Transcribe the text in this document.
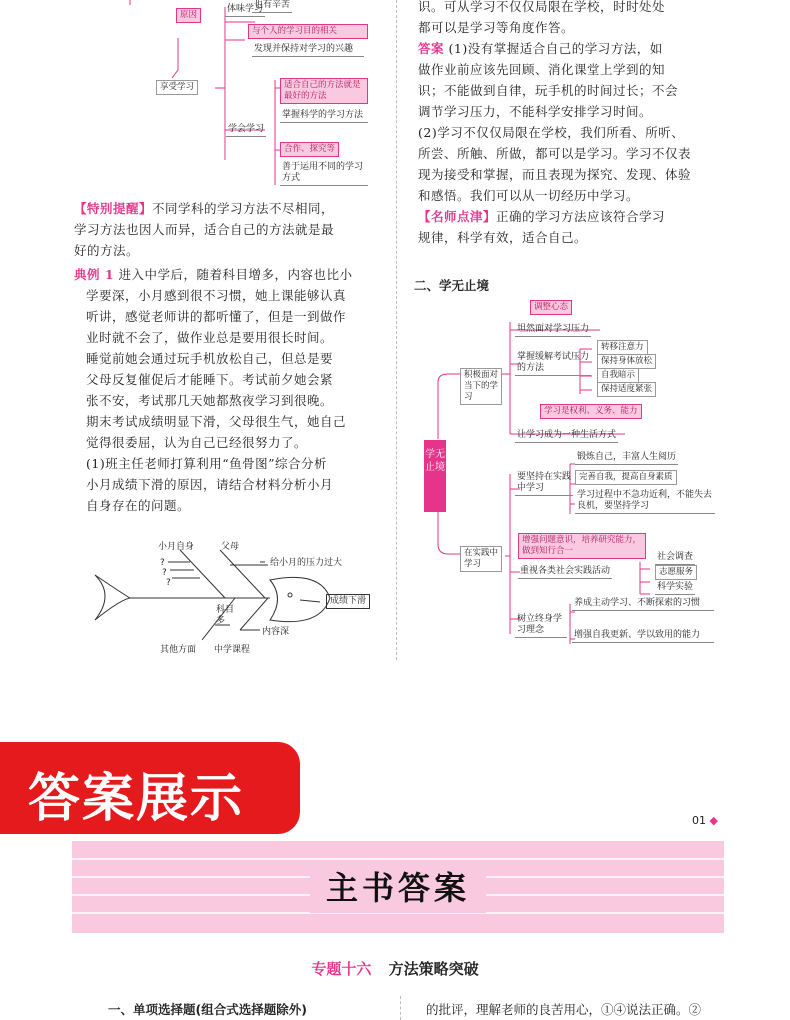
也有辛苦
原因
体味学习
与个人的学习目的相关
发现并保持对学习的兴趣
享受学习	适合自己的方法就是最好的方法
掌握科学的学习方法
学会学习
合作、探究等
善于运用不同的学习方式
【特别提醒】不同学科的学习方法不尽相同，
学习方法也因人而异，适合自己的方法就是最
好的方法。
典例 1 进入中学后，随着科目增多，内容也比小
学要深，小月感到很不习惯，她上课能够认真
听讲，感觉老师讲的都听懂了，但是一到做作
业时就不会了，做作业总是要用很长时间。
睡觉前她会通过玩手机放松自己，但总是要
父母反复催促后才能睡下。考试前夕她会紧
张不安，考试那几天她都熬夜学习到很晚。
期末考试成绩明显下滑，父母很生气，她自己
觉得很委屈，认为自己已经很努力了。
(1)班主任老师打算利用“鱼骨图”综合分析
小月成绩下滑的原因，请结合材料分析小月
自身存在的问题。
小月自身	父母
?
?
?
给小月的压力过大
科目多
内容深
其他方面 中学课程
成绩下滑
识。可从学习不仅仅局限在学校，时时处处
都可以是学习等角度作答。
答案 (1)没有掌握适合自己的学习方法，如
做作业前应该先回顾、消化课堂上学到的知
识；不能做到自律，玩手机的时间过长；不会
调节学习压力，不能科学安排学习时间。
(2)学习不仅仅局限在学校，我们所看、所听、
所尝、所触、所做，都可以是学习。学习不仅表
现为接受和掌握，而且表现为探究、发现、体验
和感悟。我们可以从一切经历中学习。
【名师点津】正确的学习方法应该符合学习
规律，科学有效，适合自己。
二、学无止境
学无止境
调整心态
坦然面对学习压力
积极面对当下的学习
掌握缓解考试压力的方法
转移注意力
保持身体放松
自我暗示
保持适度紧张
学习是权利、义务、能力
让学习成为一种生活方式
要坚持在实践中学习
锻炼自己，丰富人生阅历
完善自我，提高自身素质
学习过程中不急功近利，不能失去良机，要坚持学习
在实践中学习
增强问题意识，培养研究能力，做到知行合一
重视各类社会实践活动
社会调查
志愿服务
科学实验
树立终身学习理念
养成主动学习、不断探索的习惯
增强自我更新、学以致用的能力
答案展示	01 ◆
主书答案
专题十六 方法策略突破
一、单项选择题(组合式选择题除外)	的批评，理解老师的良苦用心，①④说法正确。②
